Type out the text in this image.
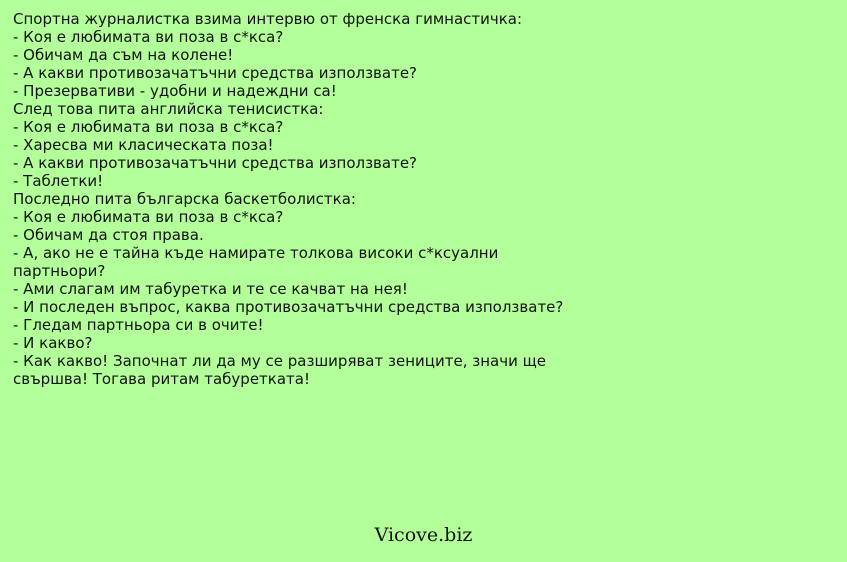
Спортна журналистка взима интервю от френска гимнастичка:
- Коя е любимата ви поза в с*кса?
- Обичам да съм на колене!
- А какви противозачатъчни средства използвате?
- Презервативи - удобни и надеждни са!
След това пита английска тенисистка:
- Коя е любимата ви поза в с*кса?
- Харесва ми класическата поза!
- А какви противозачатъчни средства използвате?
- Таблетки!
Последно пита българска баскетболистка:
- Коя е любимата ви поза в с*кса?
- Обичам да стоя права.
- А, ако не е тайна къде намирате толкова високи с*ксуални партньори?
- Ами слагам им табуретка и те се качват на нея!
- И последен въпрос, каква противозачатъчни средства използвате?
- Гледам партньора си в очите!
- И какво?
- Как какво! Започнат ли да му се разширяват зениците, значи ще свършва! Тогава ритам табуретката!
Vicove.biz
